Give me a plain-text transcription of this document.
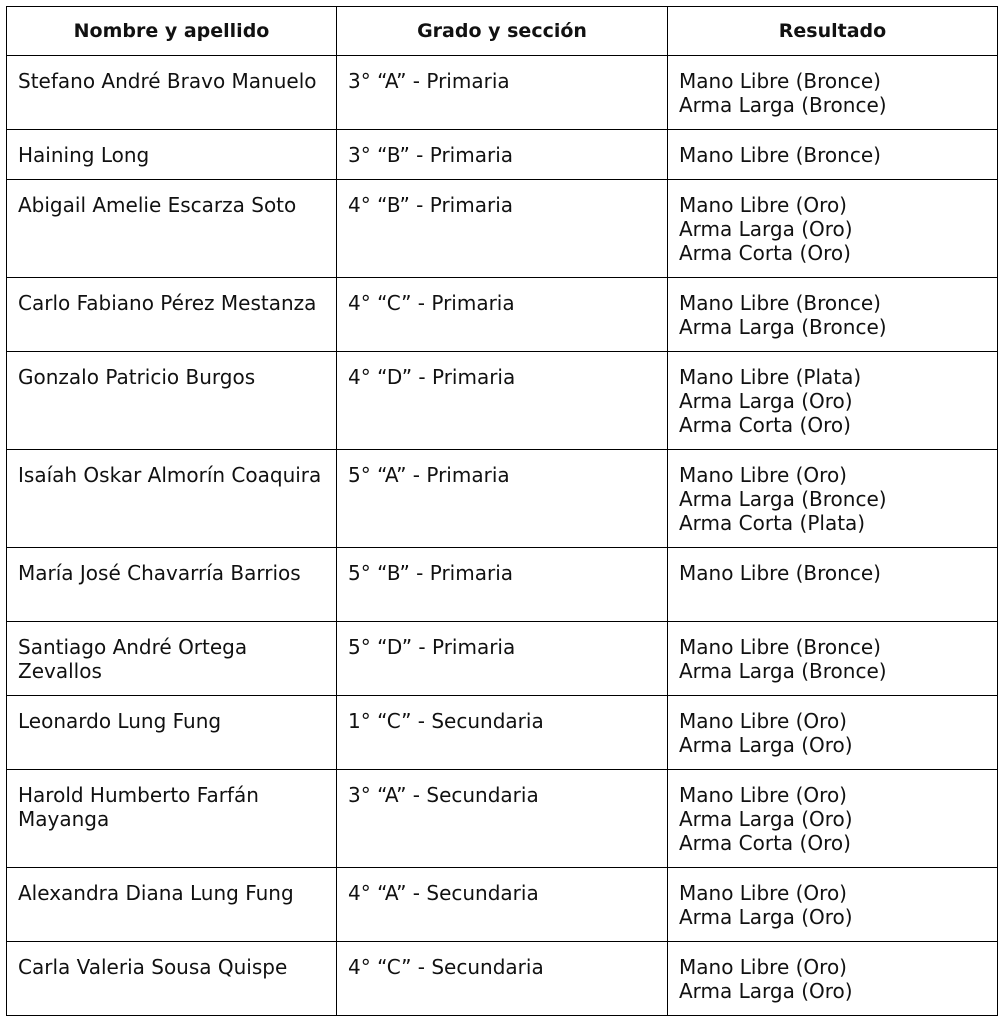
Nombre y apellido	Grado y sección	Resultado
Stefano André Bravo Manuelo	3° “A” - Primaria	Mano Libre (Bronce)
Arma Larga (Bronce)

Haining Long	3° “B” - Primaria	Mano Libre (Bronce)

Abigail Amelie Escarza Soto	4° “B” - Primaria	Mano Libre (Oro)
Arma Larga (Oro)
Arma Corta (Oro)

Carlo Fabiano Pérez Mestanza	4° “C” - Primaria	Mano Libre (Bronce)
Arma Larga (Bronce)

Gonzalo Patricio Burgos	4° “D” - Primaria	Mano Libre (Plata)
Arma Larga (Oro)
Arma Corta (Oro)

Isaíah Oskar Almorín Coaquira	5° “A” - Primaria	Mano Libre (Oro)
Arma Larga (Bronce)
Arma Corta (Plata)

María José Chavarría Barrios	5° “B” - Primaria	Mano Libre (Bronce)

Santiago André Ortega Zevallos	5° “D” - Primaria	Mano Libre (Bronce)
Arma Larga (Bronce)

Leonardo Lung Fung	1° “C” - Secundaria	Mano Libre (Oro)
Arma Larga (Oro)

Harold Humberto Farfán Mayanga	3° “A” - Secundaria	Mano Libre (Oro)
Arma Larga (Oro)
Arma Corta (Oro)

Alexandra Diana Lung Fung	4° “A” - Secundaria	Mano Libre (Oro)
Arma Larga (Oro)

Carla Valeria Sousa Quispe	4° “C” - Secundaria	Mano Libre (Oro)
Arma Larga (Oro)
